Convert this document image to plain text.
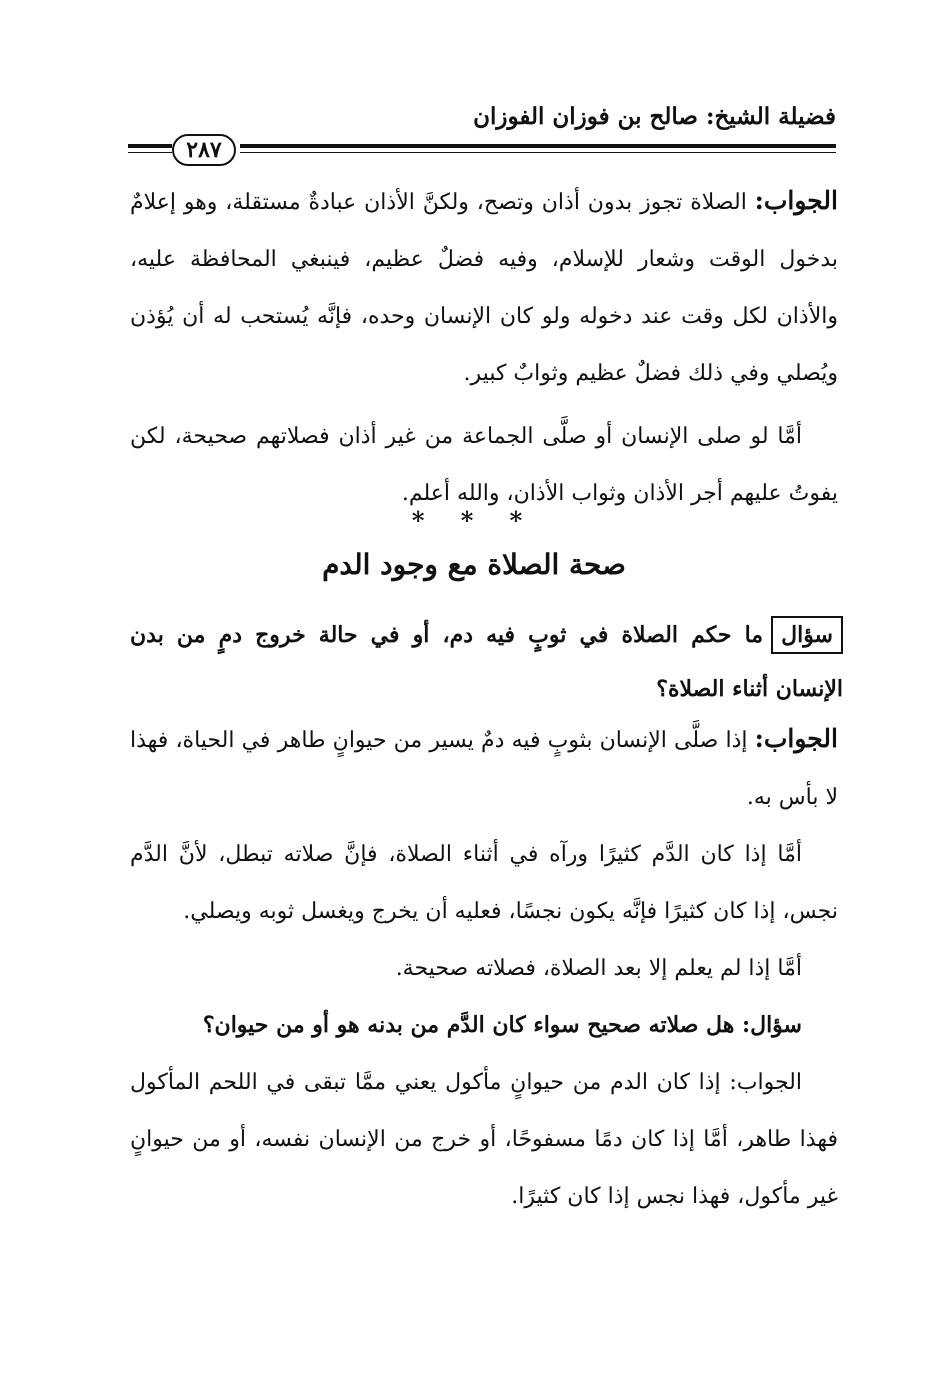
فضيلة الشيخ: صالح بن فوزان الفوزان
٢٨٧

الجواب: الصلاة تجوز بدون أذان وتصح، ولكنَّ الأذان عبادةٌ مستقلة، وهو إعلامٌ بدخول الوقت وشعار للإسلام، وفيه فضلٌ عظيم، فينبغي المحافظة عليه، والأذان لكل وقت عند دخوله ولو كان الإنسان وحده، فإنَّه يُستحب له أن يُؤذن ويُصلي وفي ذلك فضلٌ عظيم وثوابٌ كبير.

أمَّا لو صلى الإنسان أو صلَّى الجماعة من غير أذان فصلاتهم صحيحة، لكن يفوتُ عليهم أجر الأذان وثواب الأذان، والله أعلم.

* * *
صحة الصلاة مع وجود الدم
سؤالما حكم الصلاة في ثوبٍ فيه دم، أو في حالة خروج دمٍ من بدن الإنسان أثناء الصلاة؟

الجواب: إذا صلَّى الإنسان بثوبٍ فيه دمٌ يسير من حيوانٍ طاهر في الحياة، فهذا لا بأس به.

أمَّا إذا كان الدَّم كثيرًا ورآه في أثناء الصلاة، فإنَّ صلاته تبطل، لأنَّ الدَّم نجس، إذا كان كثيرًا فإنَّه يكون نجسًا، فعليه أن يخرج ويغسل ثوبه ويصلي.

أمَّا إذا لم يعلم إلا بعد الصلاة، فصلاته صحيحة.

سؤال: هل صلاته صحيح سواء كان الدَّم من بدنه هو أو من حيوان؟

الجواب: إذا كان الدم من حيوانٍ مأكول يعني ممَّا تبقى في اللحم المأكول فهذا طاهر، أمَّا إذا كان دمًا مسفوحًا، أو خرج من الإنسان نفسه، أو من حيوانٍ غير مأكول، فهذا نجس إذا كان كثيرًا.
